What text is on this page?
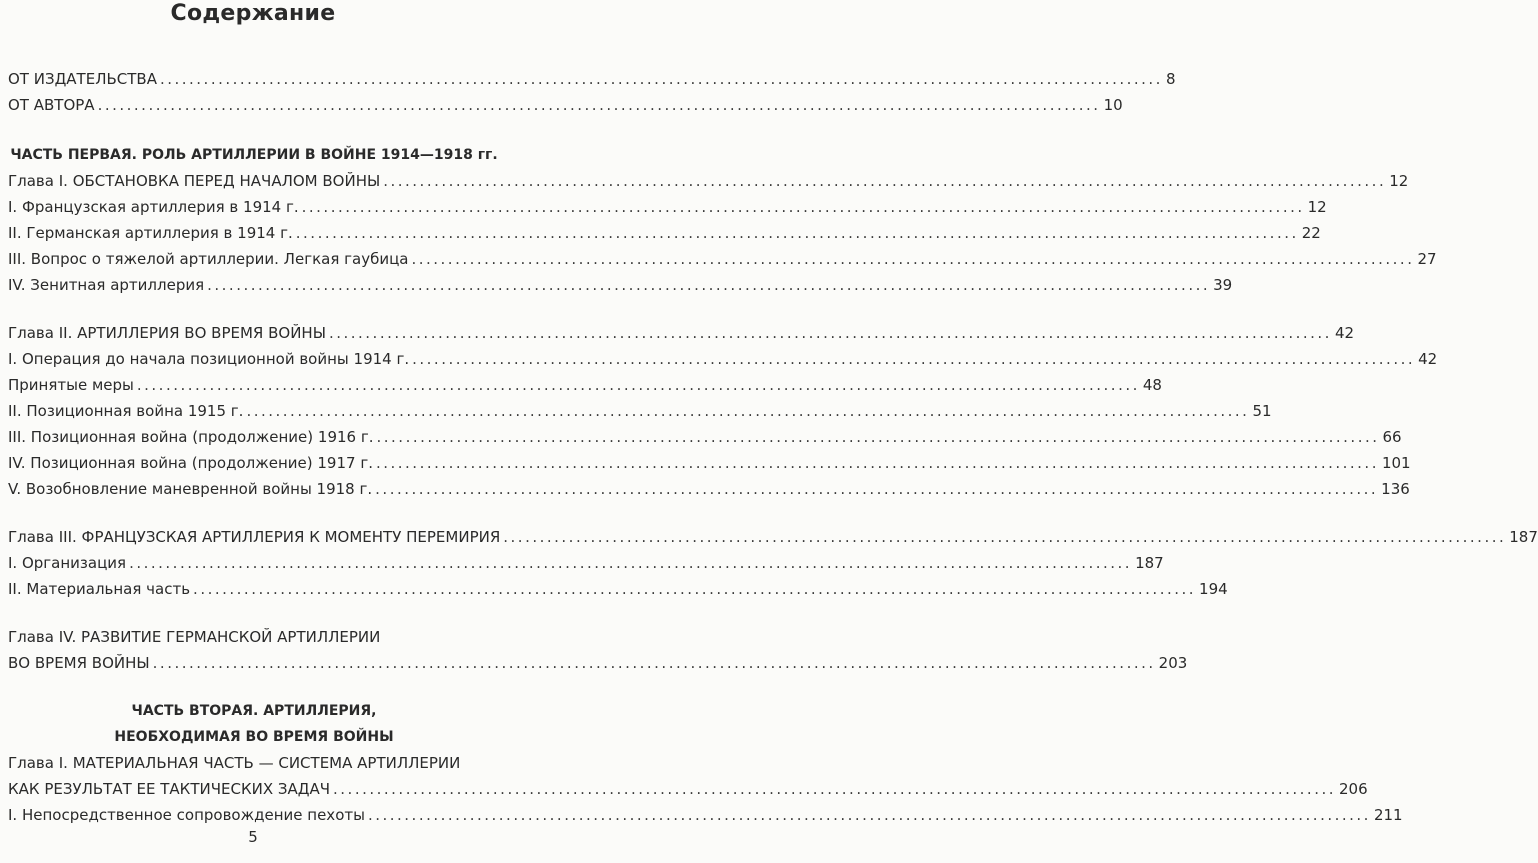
Содержание
ОТ ИЗДАТЕЛЬСТВА .....	8
ОТ АВТОРА .....	10
ЧАСТЬ ПЕРВАЯ. РОЛЬ АРТИЛЛЕРИИ В ВОЙНЕ 1914—1918 гг.
Глава I. ОБСТАНОВКА ПЕРЕД НАЧАЛОМ ВОЙНЫ .....	12
I. Французская артиллерия в 1914 г. .....	12
II. Германская артиллерия в 1914 г. .....	22
III. Вопрос о тяжелой артиллерии. Легкая гаубица .....	27
IV. Зенитная артиллерия .....	39
Глава II. АРТИЛЛЕРИЯ ВО ВРЕМЯ ВОЙНЫ .....	42
I. Операция до начала позиционной войны 1914 г. .....	42
Принятые меры .....	48
II. Позиционная война 1915 г. .....	51
III. Позиционная война (продолжение) 1916 г. .....	66
IV. Позиционная война (продолжение) 1917 г. .....	101
V. Возобновление маневренной войны 1918 г. .....	136
Глава III. ФРАНЦУЗСКАЯ АРТИЛЛЕРИЯ К МОМЕНТУ ПЕРЕМИРИЯ .....	187
I. Организация .....	187
II. Материальная часть .....	194
Глава IV. РАЗВИТИЕ ГЕРМАНСКОЙ АРТИЛЛЕРИИ
ВО ВРЕМЯ ВОЙНЫ .....	203
ЧАСТЬ ВТОРАЯ. АРТИЛЛЕРИЯ,
НЕОБХОДИМАЯ ВО ВРЕМЯ ВОЙНЫ
Глава I. МАТЕРИАЛЬНАЯ ЧАСТЬ — СИСТЕМА АРТИЛЛЕРИИ
КАК РЕЗУЛЬТАТ ЕЕ ТАКТИЧЕСКИХ ЗАДАЧ .....	206
I. Непосредственное сопровождение пехоты .....	211
5
